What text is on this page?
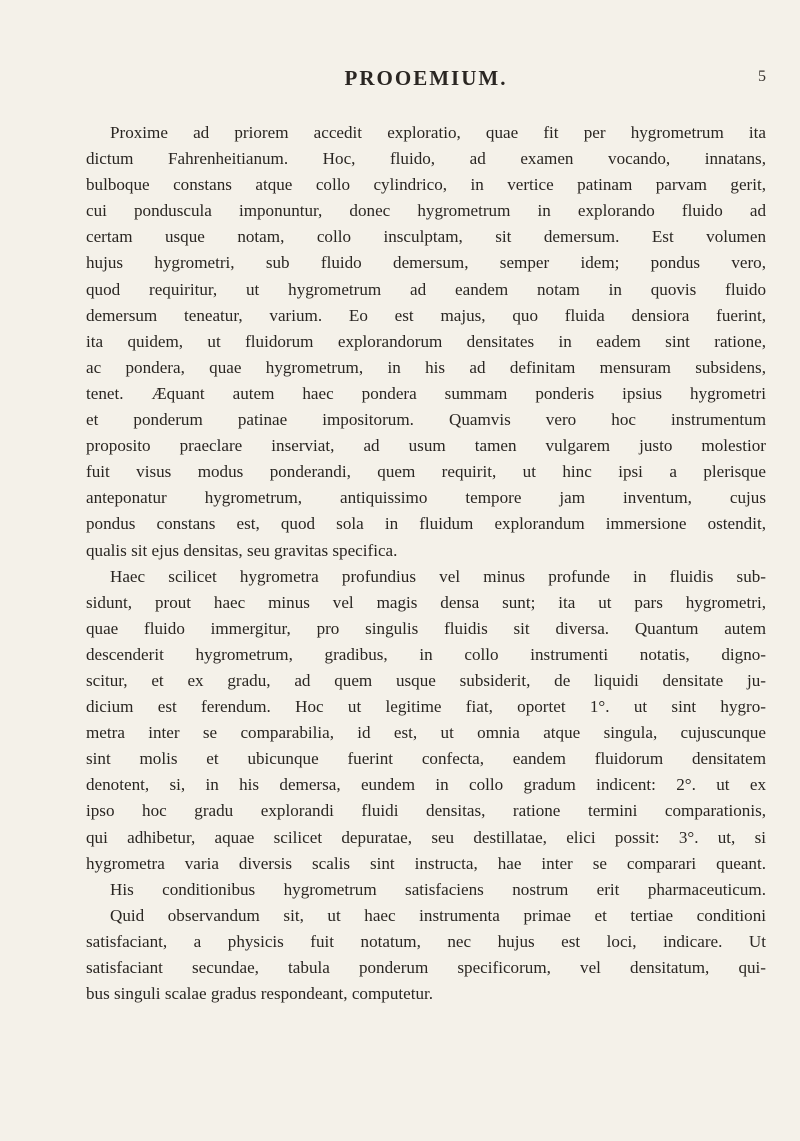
PROOEMIUM.	5
Proxime ad priorem accedit exploratio, quae fit per hygrometrum ita
dictum Fahrenheitianum. Hoc, fluido, ad examen vocando, innatans,
bulboque constans atque collo cylindrico, in vertice patinam parvam gerit,
cui ponduscula imponuntur, donec hygrometrum in explorando fluido ad
certam usque notam, collo insculptam, sit demersum. Est volumen
hujus hygrometri, sub fluido demersum, semper idem; pondus vero,
quod requiritur, ut hygrometrum ad eandem notam in quovis fluido
demersum teneatur, varium. Eo est majus, quo fluida densiora fuerint,
ita quidem, ut fluidorum explorandorum densitates in eadem sint ratione,
ac pondera, quae hygrometrum, in his ad definitam mensuram subsidens,
tenet. Æquant autem haec pondera summam ponderis ipsius hygrometri
et ponderum patinae impositorum. Quamvis vero hoc instrumentum
proposito praeclare inserviat, ad usum tamen vulgarem justo molestior
fuit visus modus ponderandi, quem requirit, ut hinc ipsi a plerisque
anteponatur hygrometrum, antiquissimo tempore jam inventum, cujus
pondus constans est, quod sola in fluidum explorandum immersione ostendit,
qualis sit ejus densitas, seu gravitas specifica.
Haec scilicet hygrometra profundius vel minus profunde in fluidis sub-
sidunt, prout haec minus vel magis densa sunt; ita ut pars hygrometri,
quae fluido immergitur, pro singulis fluidis sit diversa. Quantum autem
descenderit hygrometrum, gradibus, in collo instrumenti notatis, digno-
scitur, et ex gradu, ad quem usque subsiderit, de liquidi densitate ju-
dicium est ferendum. Hoc ut legitime fiat, oportet 1°. ut sint hygro-
metra inter se comparabilia, id est, ut omnia atque singula, cujuscunque
sint molis et ubicunque fuerint confecta, eandem fluidorum densitatem
denotent, si, in his demersa, eundem in collo gradum indicent: 2°. ut ex
ipso hoc gradu explorandi fluidi densitas, ratione termini comparationis,
qui adhibetur, aquae scilicet depuratae, seu destillatae, elici possit: 3°. ut, si
hygrometra varia diversis scalis sint instructa, hae inter se comparari queant.
His conditionibus hygrometrum satisfaciens nostrum erit pharmaceuticum.
Quid observandum sit, ut haec instrumenta primae et tertiae conditioni
satisfaciant, a physicis fuit notatum, nec hujus est loci, indicare. Ut
satisfaciant secundae, tabula ponderum specificorum, vel densitatum, qui-
bus singuli scalae gradus respondeant, computetur.
